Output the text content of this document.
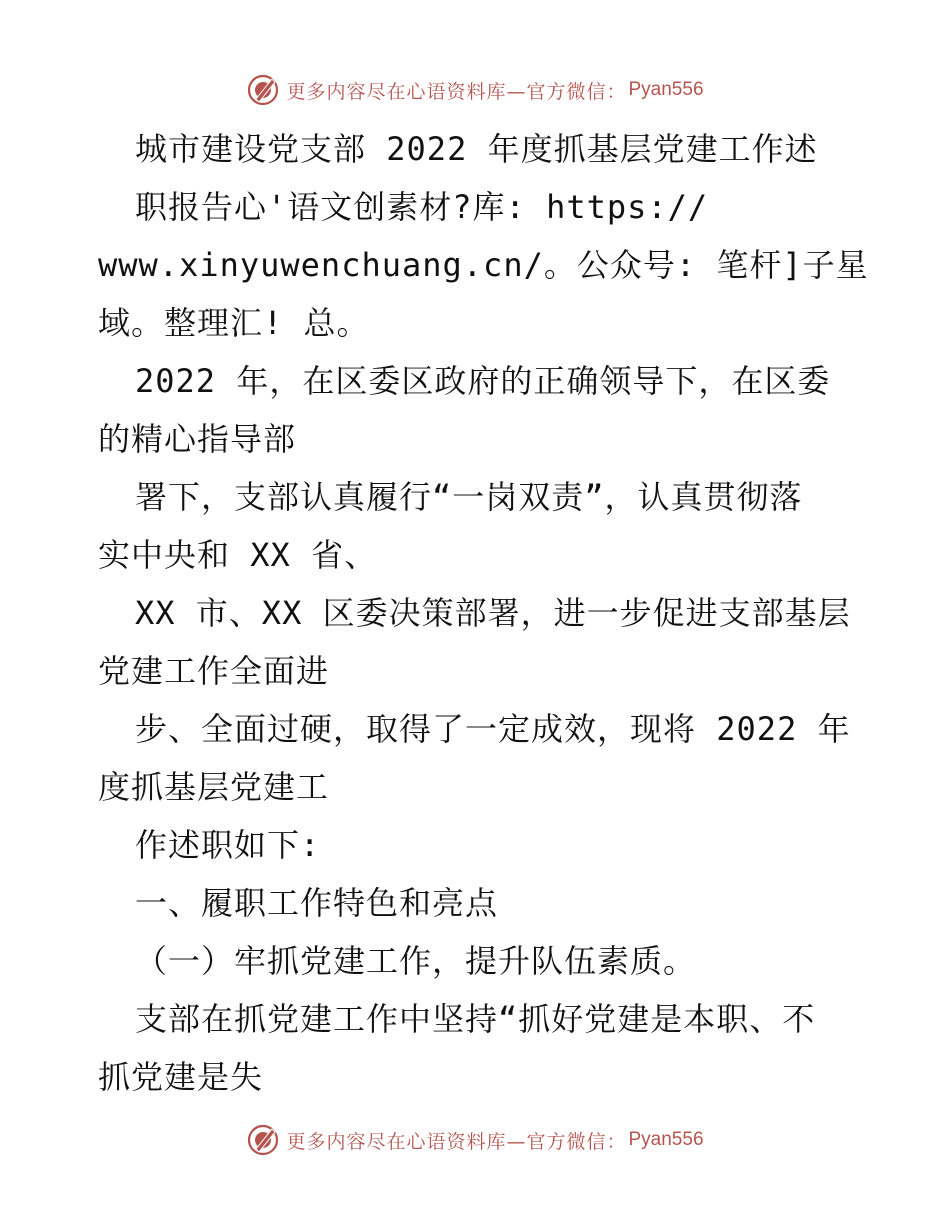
更多内容尽在心语资料库—官方微信： Pyan556
城市建设党支部 2022 年度抓基层党建工作述
职报告心'语文创素材?库: https://
www.xinyuwenchuang.cn/。公众号: 笔杆]子星
域。整理汇! 总。
2022 年，在区委区政府的正确领导下，在区委
的精心指导部
署下，支部认真履行“一岗双责”，认真贯彻落
实中央和 XX 省、
XX 市、XX 区委决策部署，进一步促进支部基层
党建工作全面进
步、全面过硬，取得了一定成效，现将 2022 年
度抓基层党建工
作述职如下:
一、履职工作特色和亮点
（一）牢抓党建工作，提升队伍素质。
支部在抓党建工作中坚持“抓好党建是本职、不
抓党建是失
更多内容尽在心语资料库—官方微信： Pyan556
